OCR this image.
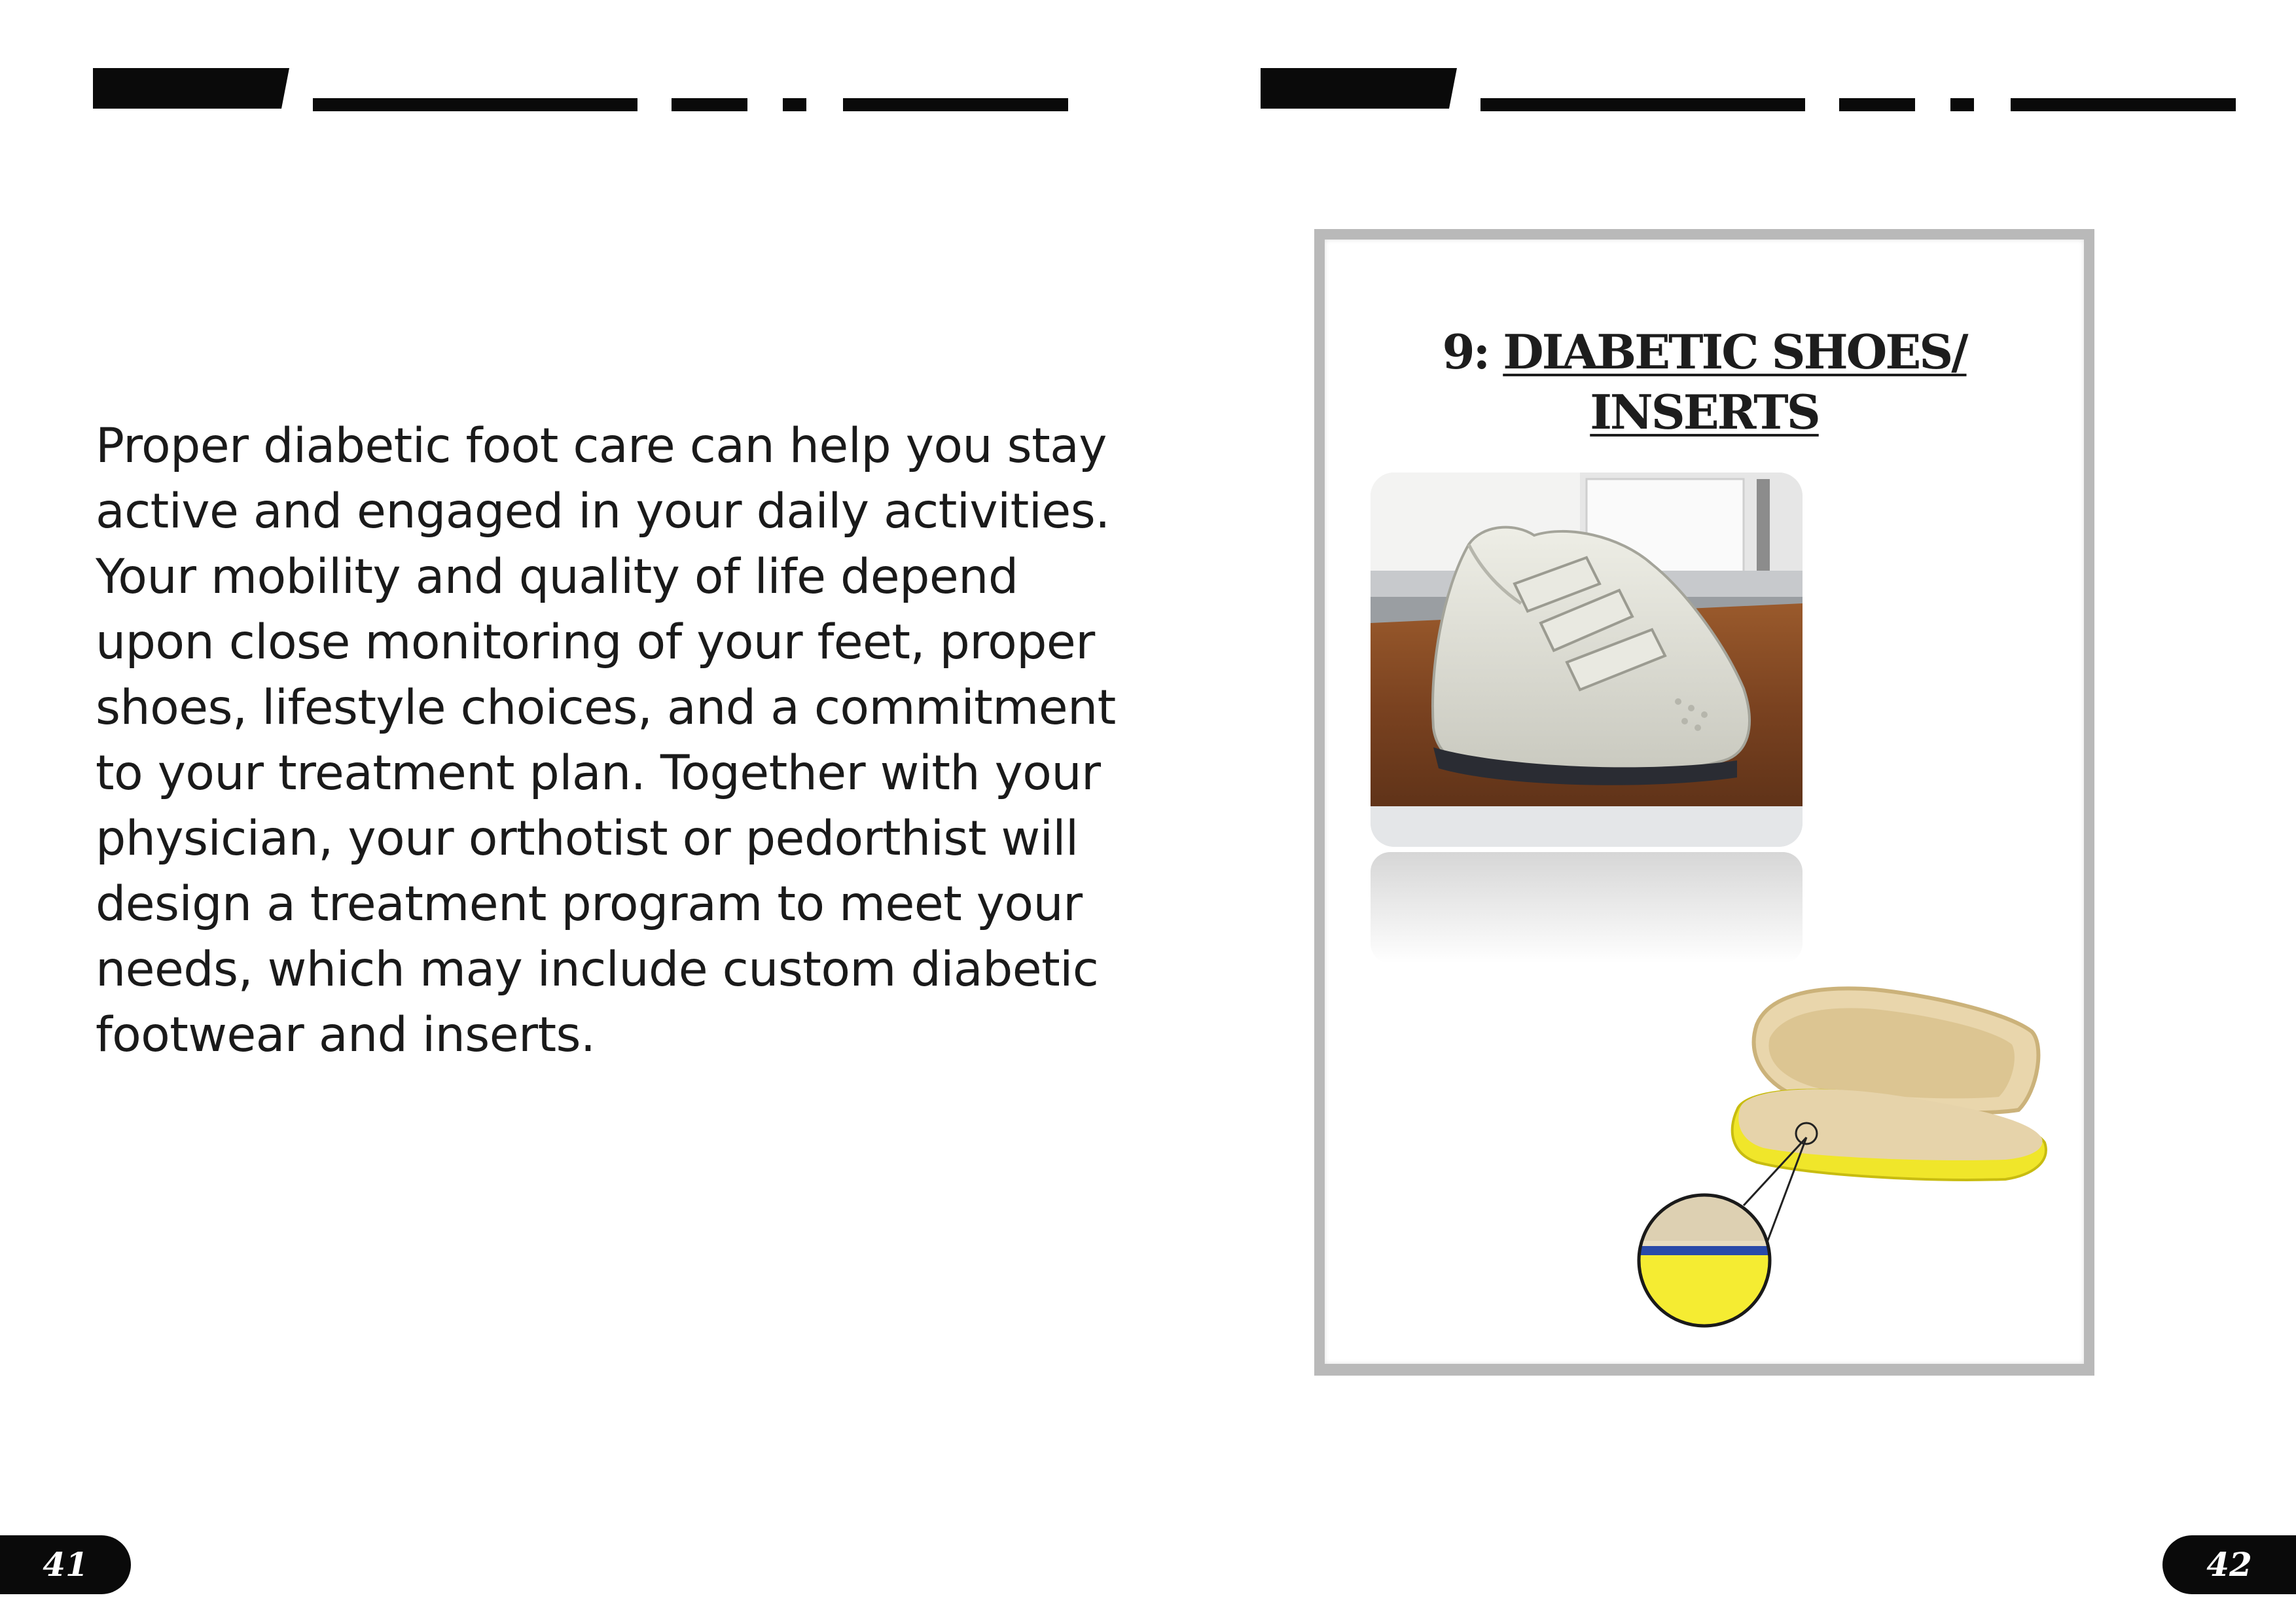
Proper diabetic foot care can help you stay active and engaged in your daily activities. Your mobility and quality of life depend upon close monitoring of your feet, proper shoes, lifestyle choices, and a commitment to your treatment plan. Together with your physician, your orthotist or pedorthist will design a treatment program to meet your needs, which may include custom diabetic footwear and inserts.

41
9: DIABETIC SHOES/
INSERTS
42
